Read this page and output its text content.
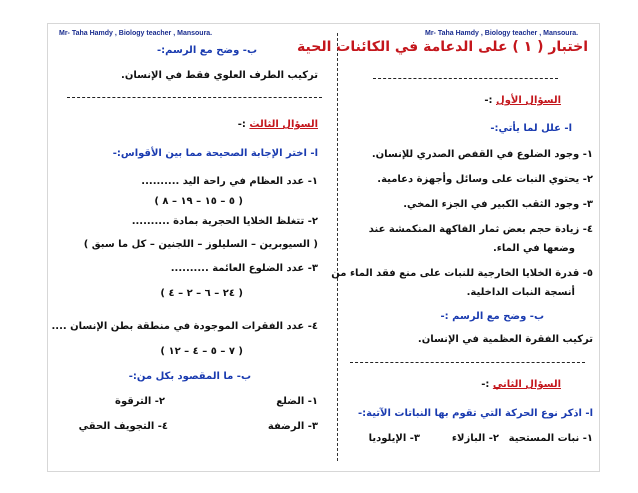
Mr- Taha Hamdy , Biology teacher , Mansoura.	Mr- Taha Hamdy , Biology teacher , Mansoura.
اختبار ( ١ ) على الدعامة في الكائنات الحية
السؤال الأول :-
ا- علل لما يأتي:-
١- وجود الضلوع في القفص الصدري للإنسان.
٢- يحتوي النبات على وسائل وأجهزة دعامية.
٣- وجود الثقب الكبير في الجزء المخي.
٤- زيادة حجم بعض ثمار الفاكهة المنكمشة عند
وضعها في الماء.
٥- قدرة الخلايا الخارجية للنبات على منع فقد الماء من
أنسجة النبات الداخلية.
ب- وضح مع الرسم :-
تركيب الفقرة العظمية في الإنسان.
السؤال الثاني :-
ا- اذكر نوع الحركة التي تقوم بها النباتات الآتية:-
١- نبات المستحية
٢- البازلاء
٣- الإيلوديا
ب- وضح مع الرسم:-
تركيب الطرف العلوي فقط في الإنسان.
السؤال الثالث :-
ا- اختر الإجابة الصحيحة مما بين الأقواس:-
١- عدد العظام في راحة اليد ..........
( ٥ – ١٥ – ١٩ – ٨ )
٢- تتغلظ الخلايا الحجرية بمادة ..........
( السيوبرين – السليلوز – اللجنين – كل ما سبق )
٣- عدد الضلوع العائمة ..........
( ٢٤ – ٦ – ٢ – ٤ )
٤- عدد الفقرات الموجودة في منطقة بطن الإنسان ....
( ٧ – ٥ – ٤ – ١٢ )
ب- ما المقصود بكل من:-
١- الضلع
٢- الترقوة
٣- الرضفة
٤- التجويف الحقي
